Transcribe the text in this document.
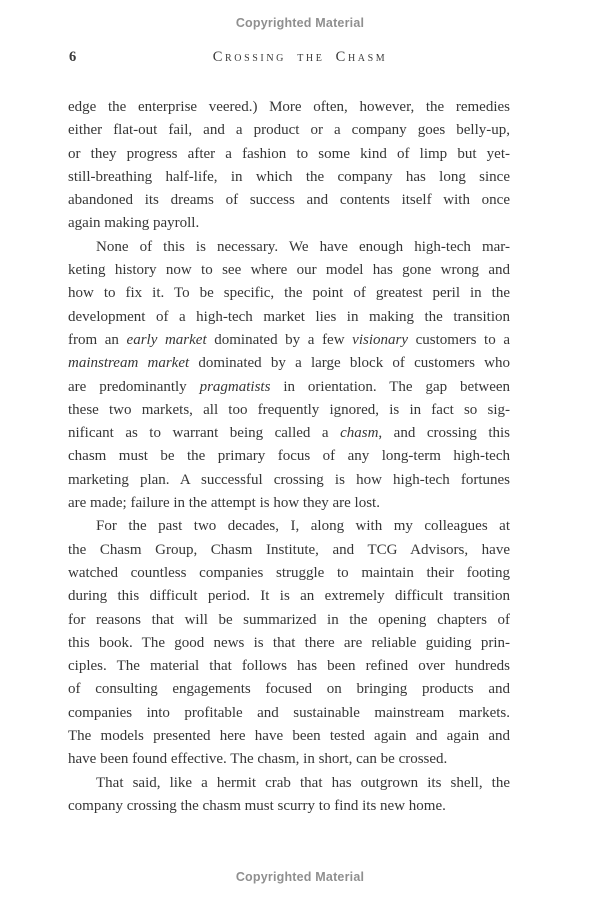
Copyrighted Material
6	Crossing the Chasm
edge the enterprise veered.) More often, however, the remedies
either flat-out fail, and a product or a company goes belly-up,
or they progress after a fashion to some kind of limp but yet-
still-breathing half-life, in which the company has long since
abandoned its dreams of success and contents itself with once
again making payroll.
None of this is necessary. We have enough high-tech mar-
keting history now to see where our model has gone wrong and
how to fix it. To be specific, the point of greatest peril in the
development of a high-tech market lies in making the transition
from an early market dominated by a few visionary customers to a
mainstream market dominated by a large block of customers who
are predominantly pragmatists in orientation. The gap between
these two markets, all too frequently ignored, is in fact so sig-
nificant as to warrant being called a chasm, and crossing this
chasm must be the primary focus of any long-term high-tech
marketing plan. A successful crossing is how high-tech fortunes
are made; failure in the attempt is how they are lost.
For the past two decades, I, along with my colleagues at
the Chasm Group, Chasm Institute, and TCG Advisors, have
watched countless companies struggle to maintain their footing
during this difficult period. It is an extremely difficult transition
for reasons that will be summarized in the opening chapters of
this book. The good news is that there are reliable guiding prin-
ciples. The material that follows has been refined over hundreds
of consulting engagements focused on bringing products and
companies into profitable and sustainable mainstream markets.
The models presented here have been tested again and again and
have been found effective. The chasm, in short, can be crossed.
That said, like a hermit crab that has outgrown its shell, the
company crossing the chasm must scurry to find its new home.
Copyrighted Material
